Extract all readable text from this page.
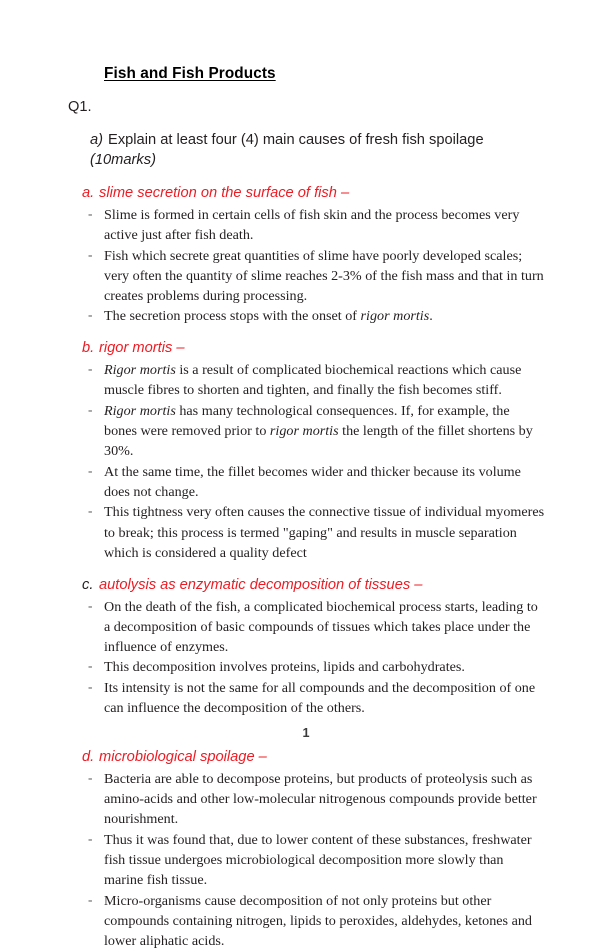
Fish and Fish Products
Q1.
a) Explain at least four (4) main causes of fresh fish spoilage (10marks)
a. slime secretion on the surface of fish –
- Slime is formed in certain cells of fish skin and the process becomes very active just after fish death.
- Fish which secrete great quantities of slime have poorly developed scales; very often the quantity of slime reaches 2-3% of the fish mass and that in turn creates problems during processing.
- The secretion process stops with the onset of rigor mortis.
b. rigor mortis –
- Rigor mortis is a result of complicated biochemical reactions which cause muscle fibres to shorten and tighten, and finally the fish becomes stiff.
- Rigor mortis has many technological consequences. If, for example, the bones were removed prior to rigor mortis the length of the fillet shortens by 30%.
- At the same time, the fillet becomes wider and thicker because its volume does not change.
- This tightness very often causes the connective tissue of individual myomeres to break; this process is termed "gaping" and results in muscle separation which is considered a quality defect
c. autolysis as enzymatic decomposition of tissues –
- On the death of the fish, a complicated biochemical process starts, leading to a decomposition of basic compounds of tissues which takes place under the influence of enzymes.
- This decomposition involves proteins, lipids and carbohydrates.
- Its intensity is not the same for all compounds and the decomposition of one can influence the decomposition of the others.
d. microbiological spoilage –
- Bacteria are able to decompose proteins, but products of proteolysis such as amino-acids and other low-molecular nitrogenous compounds provide better nourishment.
- Thus it was found that, due to lower content of these substances, freshwater fish tissue undergoes microbiological decomposition more slowly than marine fish tissue.
- Micro-organisms cause decomposition of not only proteins but other compounds containing nitrogen, lipids to peroxides, aldehydes, ketones and lower aliphatic acids.
1
